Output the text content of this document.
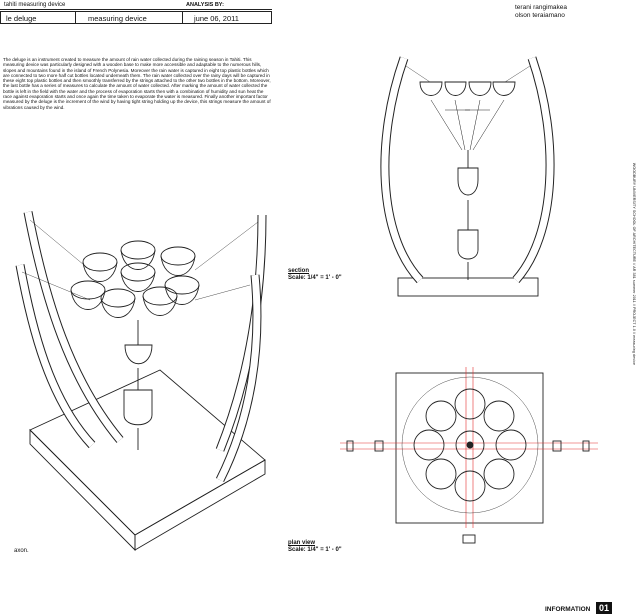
tahiti measuring device	ANALYSIS BY:
le deluge	measuring device	june 06, 2011
terani rangimakea
olson teraiamano
The deluge is an instrument created to measure the amount of rain water collected during the raining season in Tahiti. This measuring device was particularly designed with a wooden base to make more accessible and adaptable to the numerous hills, slopes and mountains found in the island of French Polynesia. Moreover the rain water is captured in eight top plastic bottles which are connected to two more half cut bottles located underneath them. The rain water collected over the rainy days will be captured in these eight top plastic bottles and then smoothly transferred by the strings attached to the other two bottles in the bottom. Moreover, the last bottle has a series of measures to calculate the amount of water collected. After marking the amount of water collected the bottle is left in the field with the water and the process of evaporation starts then with a combination of humidity and sun heat the race against evaporation starts and once again the time taken to evaporate the water is measured. Finally another important factor measured by the deluge is the increment of the wind by having tight string holding up the device, this strings measure the amount of vibrations caused by the wind.
WOODBURY UNIVERSITY SCHOOL OF ARCHITECTURE // AR 381 summer 2011 // PROJECT 1.0 // measuring device
section
Scale: 1/4" = 1' - 0"
plan view
Scale: 1/4" = 1' - 0"
axon.
INFORMATION 01
